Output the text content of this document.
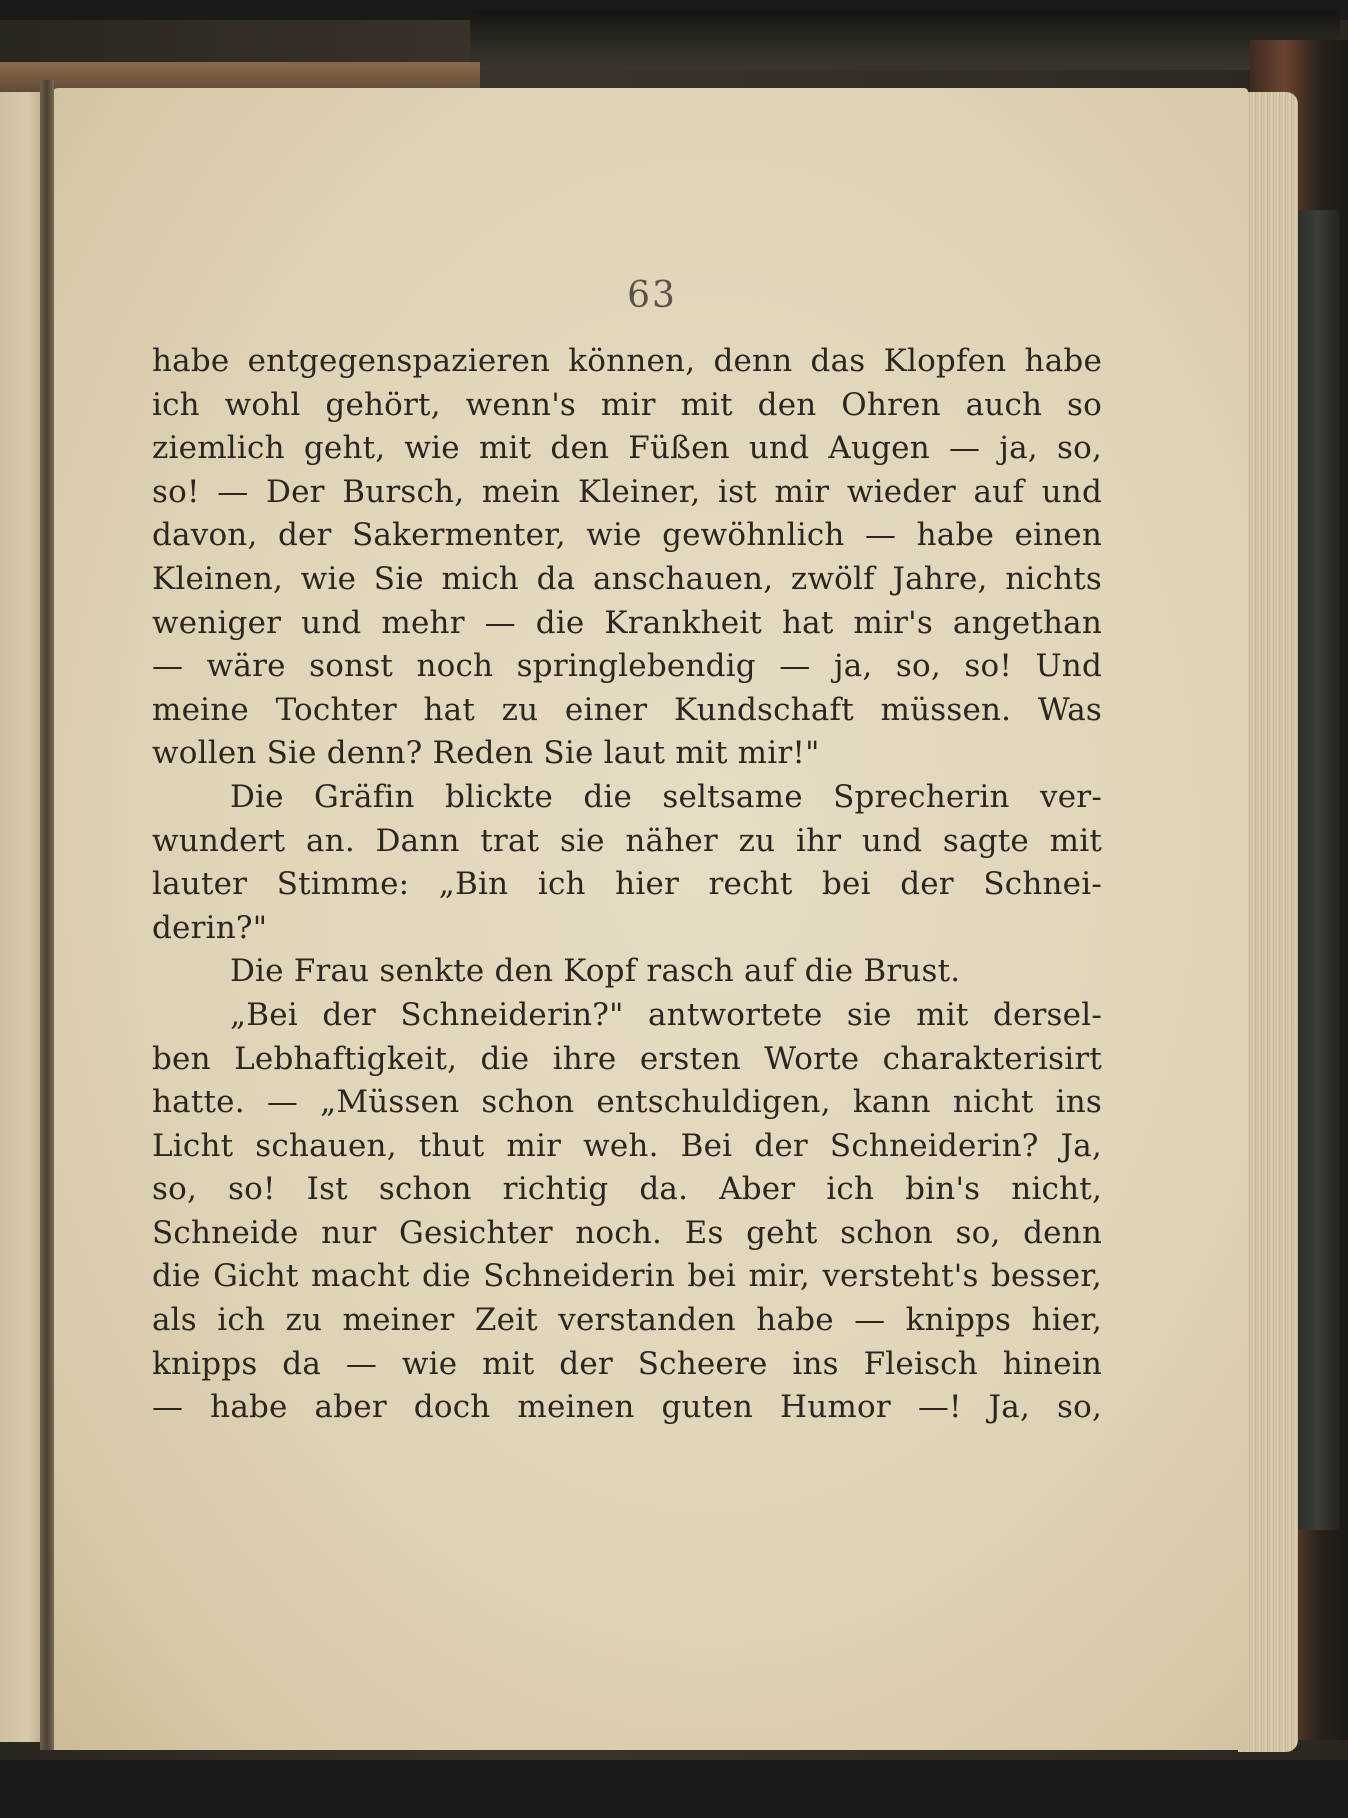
63
habe entgegenspazieren können, denn das Klopfen habe
ich wohl gehört, wenn's mir mit den Ohren auch so
ziemlich geht, wie mit den Füßen und Augen — ja, so,
so! — Der Bursch, mein Kleiner, ist mir wieder auf und
davon, der Sakermenter, wie gewöhnlich — habe einen
Kleinen, wie Sie mich da anschauen, zwölf Jahre, nichts
weniger und mehr — die Krankheit hat mir's angethan
— wäre sonst noch springlebendig — ja, so, so! Und
meine Tochter hat zu einer Kundschaft müssen. Was
wollen Sie denn? Reden Sie laut mit mir!"
Die Gräfin blickte die seltsame Sprecherin ver-
wundert an. Dann trat sie näher zu ihr und sagte mit
lauter Stimme: „Bin ich hier recht bei der Schnei-
derin?"
Die Frau senkte den Kopf rasch auf die Brust.
„Bei der Schneiderin?" antwortete sie mit dersel-
ben Lebhaftigkeit, die ihre ersten Worte charakterisirt
hatte. — „Müssen schon entschuldigen, kann nicht ins
Licht schauen, thut mir weh. Bei der Schneiderin? Ja,
so, so! Ist schon richtig da. Aber ich bin's nicht,
Schneide nur Gesichter noch. Es geht schon so, denn
die Gicht macht die Schneiderin bei mir, versteht's besser,
als ich zu meiner Zeit verstanden habe — knipps hier,
knipps da — wie mit der Scheere ins Fleisch hinein
— habe aber doch meinen guten Humor —! Ja, so,
